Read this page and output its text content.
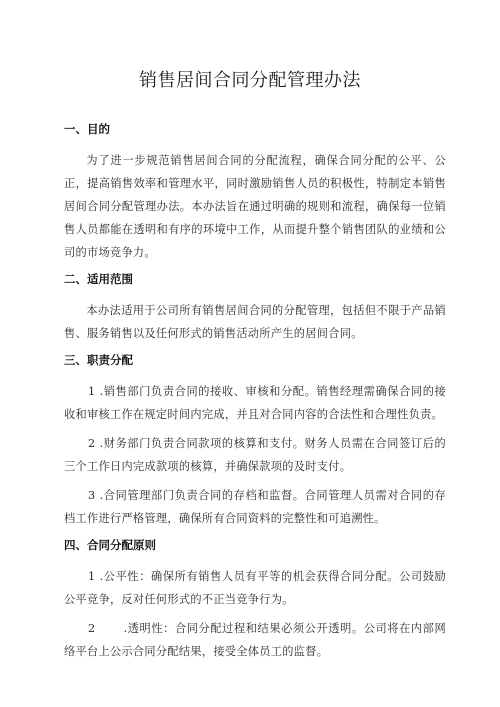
销售居间合同分配管理办法
一、目的
为了进一步规范销售居间合同的分配流程，确保合同分配的公平、公正，提高销售效率和管理水平，同时激励销售人员的积极性，特制定本销售居间合同分配管理办法。本办法旨在通过明确的规则和流程，确保每一位销售人员都能在透明和有序的环境中工作，从而提升整个销售团队的业绩和公司的市场竞争力。
二、适用范围
本办法适用于公司所有销售居间合同的分配管理，包括但不限于产品销售、服务销售以及任何形式的销售活动所产生的居间合同。
三、职责分配
1 .销售部门负责合同的接收、审核和分配。销售经理需确保合同的接收和审核工作在规定时间内完成，并且对合同内容的合法性和合理性负责。
2 .财务部门负责合同款项的核算和支付。财务人员需在合同签订后的三个工作日内完成款项的核算，并确保款项的及时支付。
3 .合同管理部门负责合同的存档和监督。合同管理人员需对合同的存档工作进行严格管理，确保所有合同资料的完整性和可追溯性。
四、合同分配原则
1 .公平性：确保所有销售人员有平等的机会获得合同分配。公司鼓励公平竞争，反对任何形式的不正当竞争行为。
2	.透明性：合同分配过程和结果必须公开透明。公司将在内部网络平台上公示合同分配结果，接受全体员工的监督。
